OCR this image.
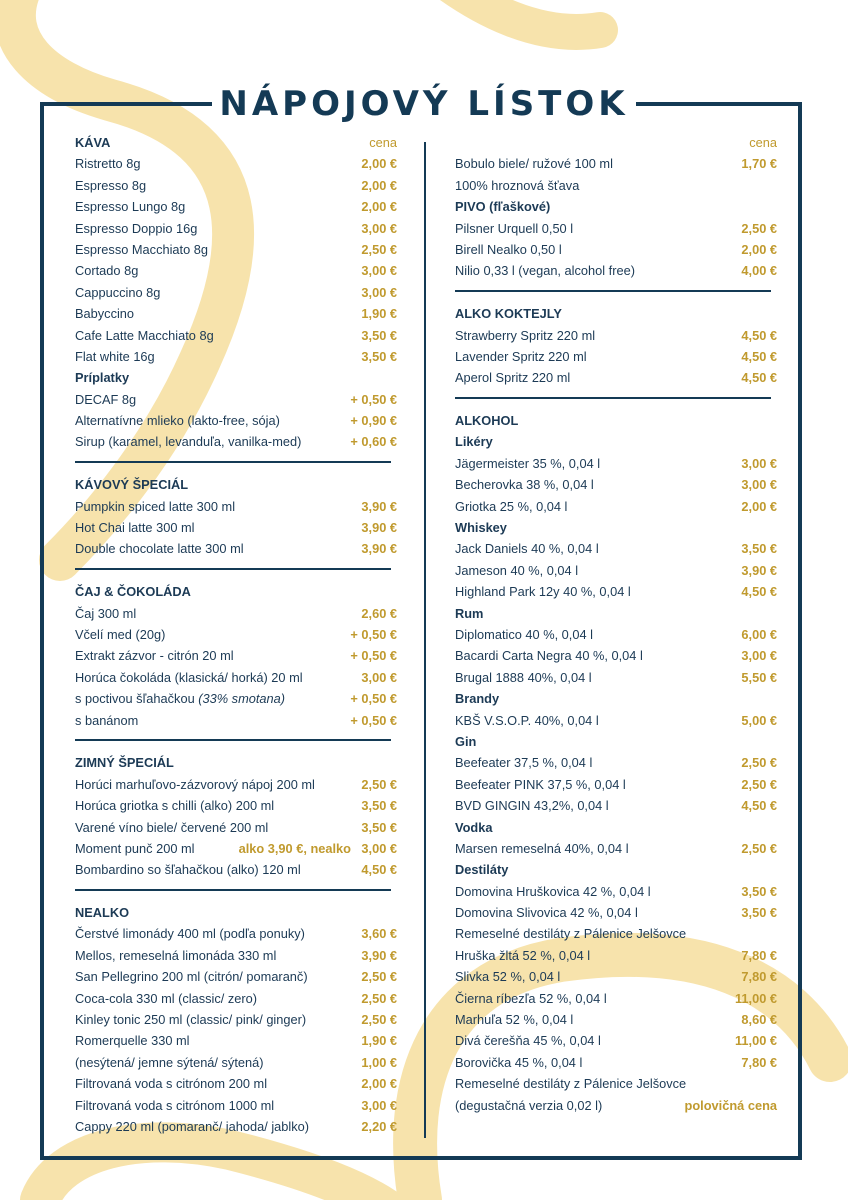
NÁPOJOVÝ LÍSTOK
KÁVA	cena
Ristretto 8g	2,00 €
Espresso 8g	2,00 €
Espresso Lungo 8g	2,00 €
Espresso Doppio 16g	3,00 €
Espresso Macchiato 8g	2,50 €
Cortado 8g	3,00 €
Cappuccino 8g	3,00 €
Babyccino	1,90 €
Cafe Latte Macchiato 8g	3,50 €
Flat white 16g	3,50 €
Príplatky
DECAF 8g	+ 0,50 €
Alternatívne mlieko (lakto-free, sója)	+ 0,90 €
Sirup (karamel, levanduľa, vanilka-med)	+ 0,60 €
KÁVOVÝ ŠPECIÁL
Pumpkin spiced latte 300 ml	3,90 €
Hot Chai latte 300 ml	3,90 €
Double chocolate latte 300 ml	3,90 €
ČAJ & ČOKOLÁDA
Čaj 300 ml	2,60 €
Včelí med (20g)	+ 0,50 €
Extrakt zázvor - citrón 20 ml	+ 0,50 €
Horúca čokoláda (klasická/ horká) 20 ml	3,00 €
s poctivou šľahačkou (33% smotana)	+ 0,50 €
s banánom	+ 0,50 €
ZIMNÝ ŠPECIÁL
Horúci marhuľovo-zázvorový nápoj 200 ml	2,50 €
Horúca griotka s chilli (alko) 200 ml	3,50 €
Varené víno biele/ červené 200 ml	3,50 €
Moment punč 200 ml	alko 3,90 €, nealko 3,00 €
Bombardino so šľahačkou (alko) 120 ml	4,50 €
NEALKO
Čerstvé limonády 400 ml (podľa ponuky)	3,60 €
Mellos, remeselná limonáda 330 ml	3,90 €
San Pellegrino 200 ml (citrón/ pomaranč)	2,50 €
Coca-cola 330 ml (classic/ zero)	2,50 €
Kinley tonic 250 ml (classic/ pink/ ginger)	2,50 €
Romerquelle 330 ml	1,90 €
(nesýtená/ jemne sýtená/ sýtená)	1,00 €
Filtrovaná voda s citrónom 200 ml	2,00 €
Filtrovaná voda s citrónom 1000 ml	3,00 €
Cappy 220 ml (pomaranč/ jahoda/ jablko)	2,20 €
cena
Bobulo biele/ ružové 100 ml	1,70 €
100% hroznová šťava
PIVO (fľaškové)
Pilsner Urquell 0,50 l	2,50 €
Birell Nealko 0,50 l	2,00 €
Nilio 0,33 l (vegan, alcohol free)	4,00 €
ALKO KOKTEJLY
Strawberry Spritz 220 ml	4,50 €
Lavender Spritz 220 ml	4,50 €
Aperol Spritz 220 ml	4,50 €
ALKOHOL
Likéry
Jägermeister 35 %, 0,04 l	3,00 €
Becherovka 38 %, 0,04 l	3,00 €
Griotka 25 %, 0,04 l	2,00 €
Whiskey
Jack Daniels 40 %, 0,04 l	3,50 €
Jameson 40 %, 0,04 l	3,90 €
Highland Park 12y 40 %, 0,04 l	4,50 €
Rum
Diplomatico 40 %, 0,04 l	6,00 €
Bacardi Carta Negra 40 %, 0,04 l	3,00 €
Brugal 1888 40%, 0,04 l	5,50 €
Brandy
KBŠ V.S.O.P. 40%, 0,04 l	5,00 €
Gin
Beefeater 37,5 %, 0,04 l	2,50 €
Beefeater PINK 37,5 %, 0,04 l	2,50 €
BVD GINGIN 43,2%, 0,04 l	4,50 €
Vodka
Marsen remeselná 40%, 0,04 l	2,50 €
Destiláty
Domovina Hruškovica 42 %, 0,04 l	3,50 €
Domovina Slivovica 42 %, 0,04 l	3,50 €
Remeselné destiláty z Pálenice Jelšovce
Hruška žltá 52 %, 0,04 l	7,80 €
Slivka 52 %, 0,04 l	7,80 €
Čierna ríbezľa 52 %, 0,04 l	11,00 €
Marhuľa 52 %, 0,04 l	8,60 €
Divá čerešňa 45 %, 0,04 l	11,00 €
Borovička 45 %, 0,04 l	7,80 €
Remeselné destiláty z Pálenice Jelšovce
(degustačná verzia 0,02 l)	polovičná cena
